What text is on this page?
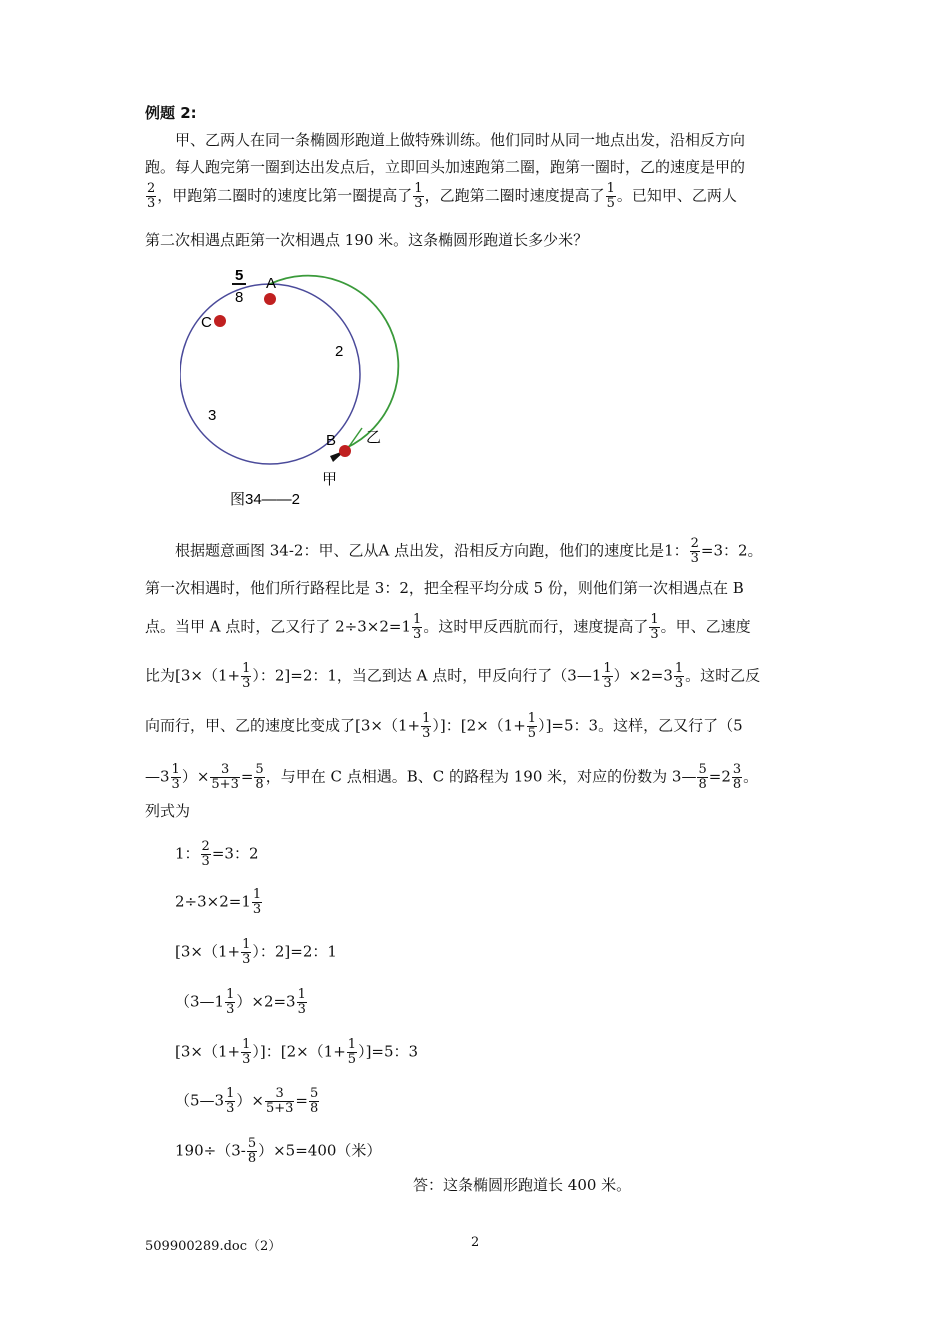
例题 2:
甲、乙两人在同一条椭圆形跑道上做特殊训练。他们同时从同一地点出发，沿相反方向
跑。每人跑完第一圈到达出发点后，立即回头加速跑第二圈，跑第一圈时，乙的速度是甲的
$\frac{2}{3}$ ，甲跑第二圈时的速度比第一圈提高了 $\frac{1}{3}$ ，乙跑第二圈时速度提高了 $\frac{1}{5}$ 。已知甲、乙两人
第二次相遇点距第一次相遇点 190 米。这条椭圆形跑道长多少米？
A
C
B
5
8
2
3
乙
甲
图34——2
根据题意画图 34-2：甲、乙从A 点出发，沿相反方向跑，他们的速度比是1： $\frac{2}{3} =3$：2。
第一次相遇时，他们所行路程比是 3：2，把全程平均分成 5 份，则他们第一次相遇点在 B
点。当甲 A 点时，乙又行了 $2\div 3\times 2=1 \frac{1}{3}$ 。这时甲反西肮而行，速度提高了 $\frac{1}{3}$ 。甲、乙速度
比为[$3\times(1+ \frac{1}{3}$ ）：2]=2：1，当乙到达 A 点时，甲反向行了（3—1 $\frac{1}{3} )\times 2=3 \frac{1}{3}$ 。这时乙反
向而行，甲、乙的速度比变成了[$3\times(1+ \frac{1}{3}$ ）]：$[2\times(1+ \frac{1}{5} )]=5$：3。这样，乙又行了（5
—3 $\frac{1}{3}$ ）× $\frac{3}{5+3} = \frac{5}{8}$ ，与甲在 C 点相遇。B、C 的路程为 190 米，对应的份数为 3— $\frac{5}{8} =2 \frac{3}{8}$ 。
列式为
1： $\frac{2}{3} =3$：2
$2\div 3\times 2=1 \frac{1}{3}$
[$3\times(1+ \frac{1}{3}$ ）：2]=2：1
（3—1 $\frac{1}{3} )\times 2=3 \frac{1}{3}$
[$3\times(1+ \frac{1}{3}$ ）]：$[2\times(1+ \frac{1}{5} )]=5$：3
（5—3 $\frac{1}{3}$ ）× $\frac{3}{5+3} = \frac{5}{8}$
$190\div(3- \frac{5}{8} )\times 5=400$（米）
答：这条椭圆形跑道长 400 米。
509900289.doc（2）	2
